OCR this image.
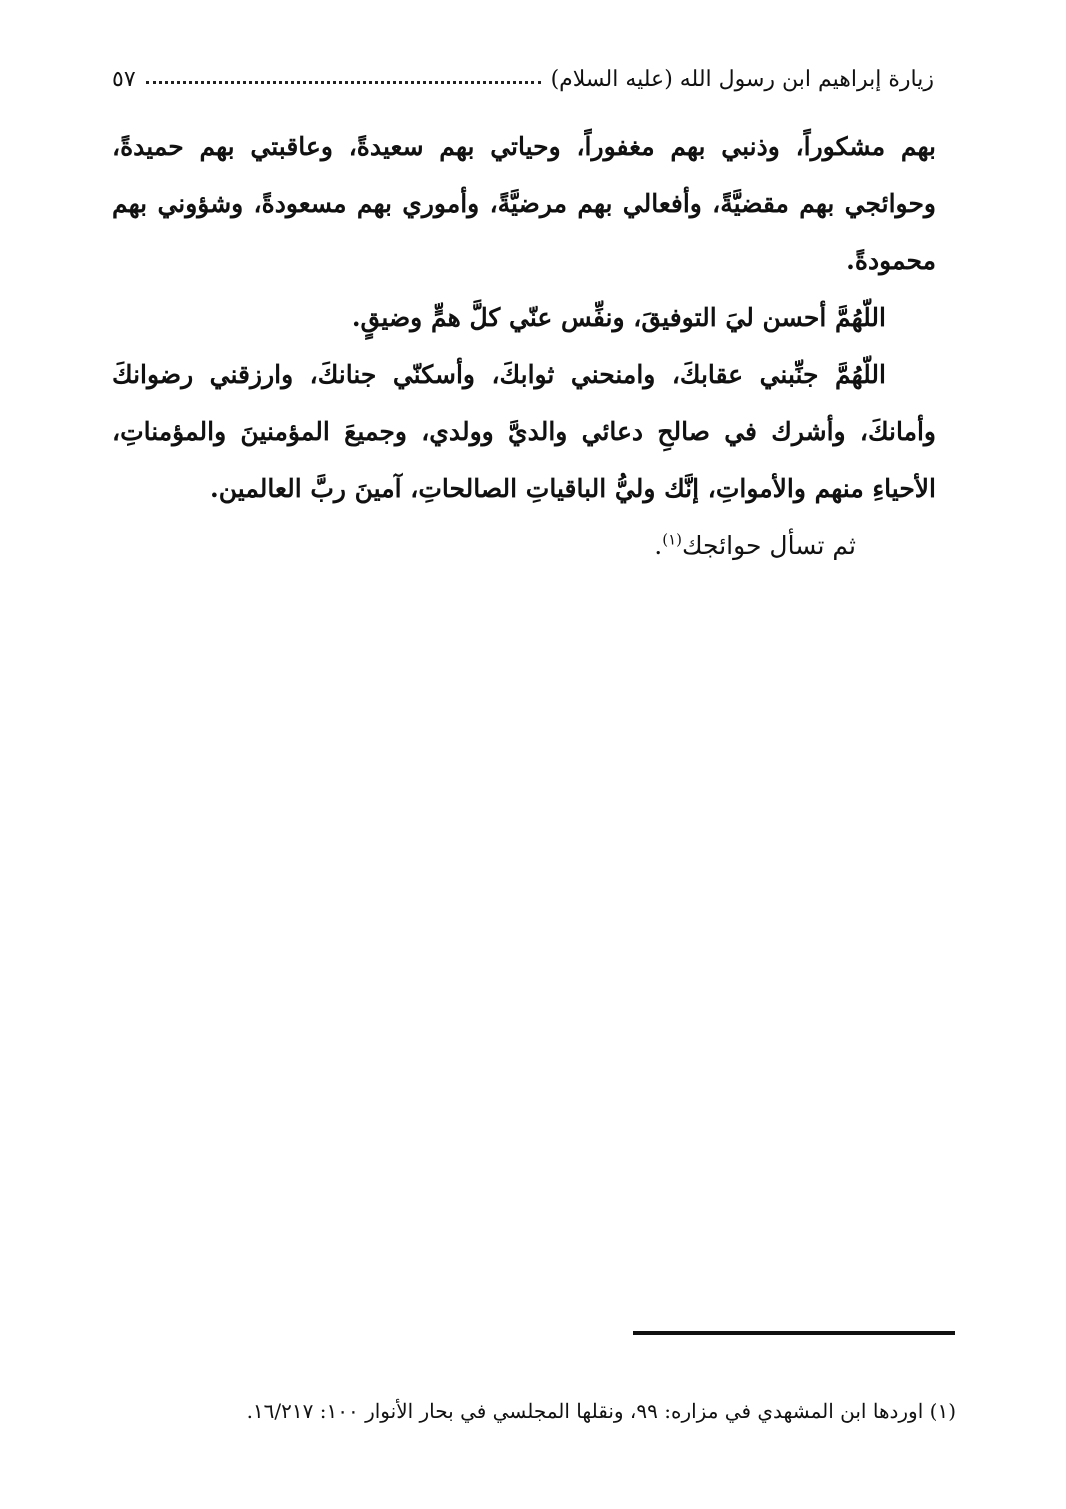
زيارة إبراهيم ابن رسول الله (عليه السلام)
٥٧

بهم مشكوراً، وذنبي بهم مغفوراً، وحياتي بهم سعيدةً، وعاقبتي بهم حميدةً، وحوائجي بهم مقضيَّةً، وأفعالي بهم مرضيَّةً، وأموري بهم مسعودةً، وشؤوني بهم محمودةً.

اللّهُمَّ أحسن ليَ التوفيقَ، ونفِّس عنّي كلَّ همٍّ وضيقٍ.

اللّهُمَّ جنِّبني عقابكَ، وامنحني ثوابكَ، وأسكنّي جنانكَ، وارزقني رضوانكَ وأمانكَ، وأشرك في صالحِ دعائي والديَّ وولدي، وجميعَ المؤمنينَ والمؤمناتِ، الأحياءِ منهم والأمواتِ، إنَّك وليُّ الباقياتِ الصالحاتِ، آمينَ ربَّ العالمين.

ثم تسأل حوائجك$^{(١)}$.

(١) اوردها ابن المشهدي في مزاره: ٩٩، ونقلها المجلسي في بحار الأنوار ١٠٠: ١٦/٢١٧.
